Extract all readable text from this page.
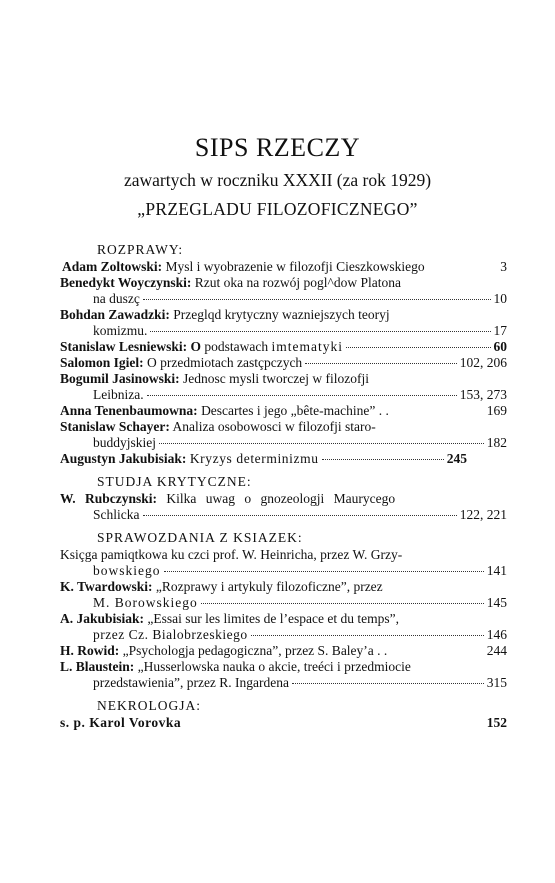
SIPS RZECZY
zawartych w roczniku XXXII (za rok 1929)
„PRZEGLADU FILOZOFICZNEGO”
ROZPRAWY:
Adam Zoltowski: Mysl i wyobrazenie w filozofji Cieszkowskiego	3
Benedykt Woyczynski: Rzut oka na rozwój pogl^dow Platona
na duszç	10
Bohdan Zawadzki: Przeglqd krytyczny wazniejszych teoryj
komizmu.	17
Stanislaw Lesniewski: O podstawach imtematyki	60
Salomon Igiel: O przedmiotach zastçpczych	102, 206
Bogumil Jasinowski: Jednosc mysli tworczej w filozofji
Leibniza.	153, 273
Anna Tenenbaumowna: Descartes i jego „bête-machine” . .	169
Stanislaw Schayer: Analiza osobowosci w filozofji staro-
buddyjskiej	182
Augustyn Jakubisiak: Kryzys determinizmu	245
STUDJA KRYTYCZNE:
W. Rubczynski: Kilka uwag o gnozeologji Maurycego
Schlicka	122, 221
SPRAWOZDANIA Z KSIAZEK:
Ksiçga pamiqtkowa ku czci prof. W. Heinricha, przez W. Grzy-
bowskiego	141
K. Twardowski: „Rozprawy i artykuly filozoficzne”, przez
M. Borowskiego	145
A. Jakubisiak: „Essai sur les limites de l’espace et du temps”,
przez Cz. Bialobrzeskiego	146
H. Rowid: „Psychologja pedagogiczna”, przez S. Baley’a . .	244
L. Blaustein: „Husserlowska nauka o akcie, treéci i przedmiocie
przedstawienia”, przez R. Ingardena	315
NEKROLOGJA:
s. p. Karol Vorovka	152
